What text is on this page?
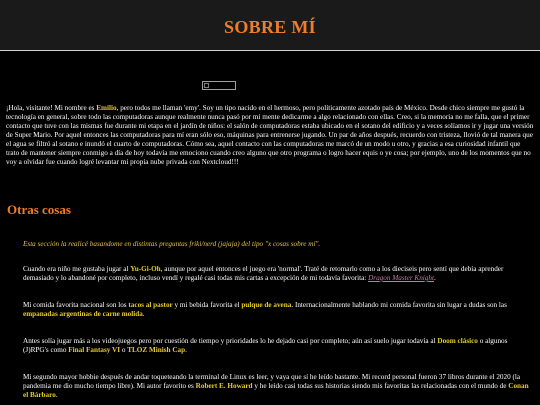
SOBRE MÍ

¡Hola, visitante! Mi nombre es Emilio, pero todos me llaman 'emy'. Soy un tipo nacido en el hermoso, pero políticamente azotado país de México. Desde chico siempre me gustó la tecnología en general, sobre todo las computadoras aunque realmente nunca pasó por mi mente dedicarme a algo relacionado con ellas. Creo, si la memoria no me falla, que el primer contacto que tuve con las mismas fue durante mi etapa en el jardín de niños: el salón de computadoras estaba ubicado en el sotano del edificio y a veces solíamos ir y jugar una versión de Super Mario. Por aquel entonces las computadoras para mí eran sólo eso, máquinas para entrenerse jugando. Un par de años después, recuerdo con tristeza, llovió de tal manera que el agua se filtró al sotano e inundó el cuarto de computadoras. Cómo sea, aquel contacto con las computadoras me marcó de un modo u otro, y gracias a esa curiosidad infantil que trato de mantener siempre conmigo a día de hoy todavía me emociono cuando creo alguno que otro programa o logro hacer equis o ye cosa; por ejemplo, uno de los momentos que no voy a olvidar fue cuando logré levantar mi propia nube privada con Nextcloud!!!

Otras cosas

Esta sección la realicé basandome en distintas preguntas friki/nerd (jajaja) del tipo "x cosas sobre mí".

Cuando era niño me gustaba jugar al Yu-Gi-Oh, aunque por aquel entonces el juego era 'normal'. Traté de retomarlo como a los dieciseis pero sentí que debía aprender demasiado y lo abandoné por completo, incluso vendí y regalé casi todas mis cartas a excepción de mi todavía favorita: Dragon Master Knight.

Mi comida favorita nacional son los tacos al pastor y mi bebida favorita el pulque de avena. Internacionalmente hablando mi comida favorita sin lugar a dudas son las empanadas argentinas de carne molida.

Antes solía jugar más a los videojuegos pero por cuestión de tiempo y prioridades lo he dejado casi por completo; aún así suelo jugar todavía al Doom clásico o algunos (J)RPG's como Final Fantasy VI o TLOZ Minish Cap.

Mi segundo mayor hobbie después de andar toqueteando la terminal de Linux es leer, y vaya que sí he leído bastante. Mi record personal fueron 37 libros durante el 2020 (la pandemia me dio mucho tiempo libre). Mi autor favorito es Robert E. Howard y he leído casi todas sus historias siendo mis favoritas las relacionadas con el mundo de Conan el Bárbaro.
